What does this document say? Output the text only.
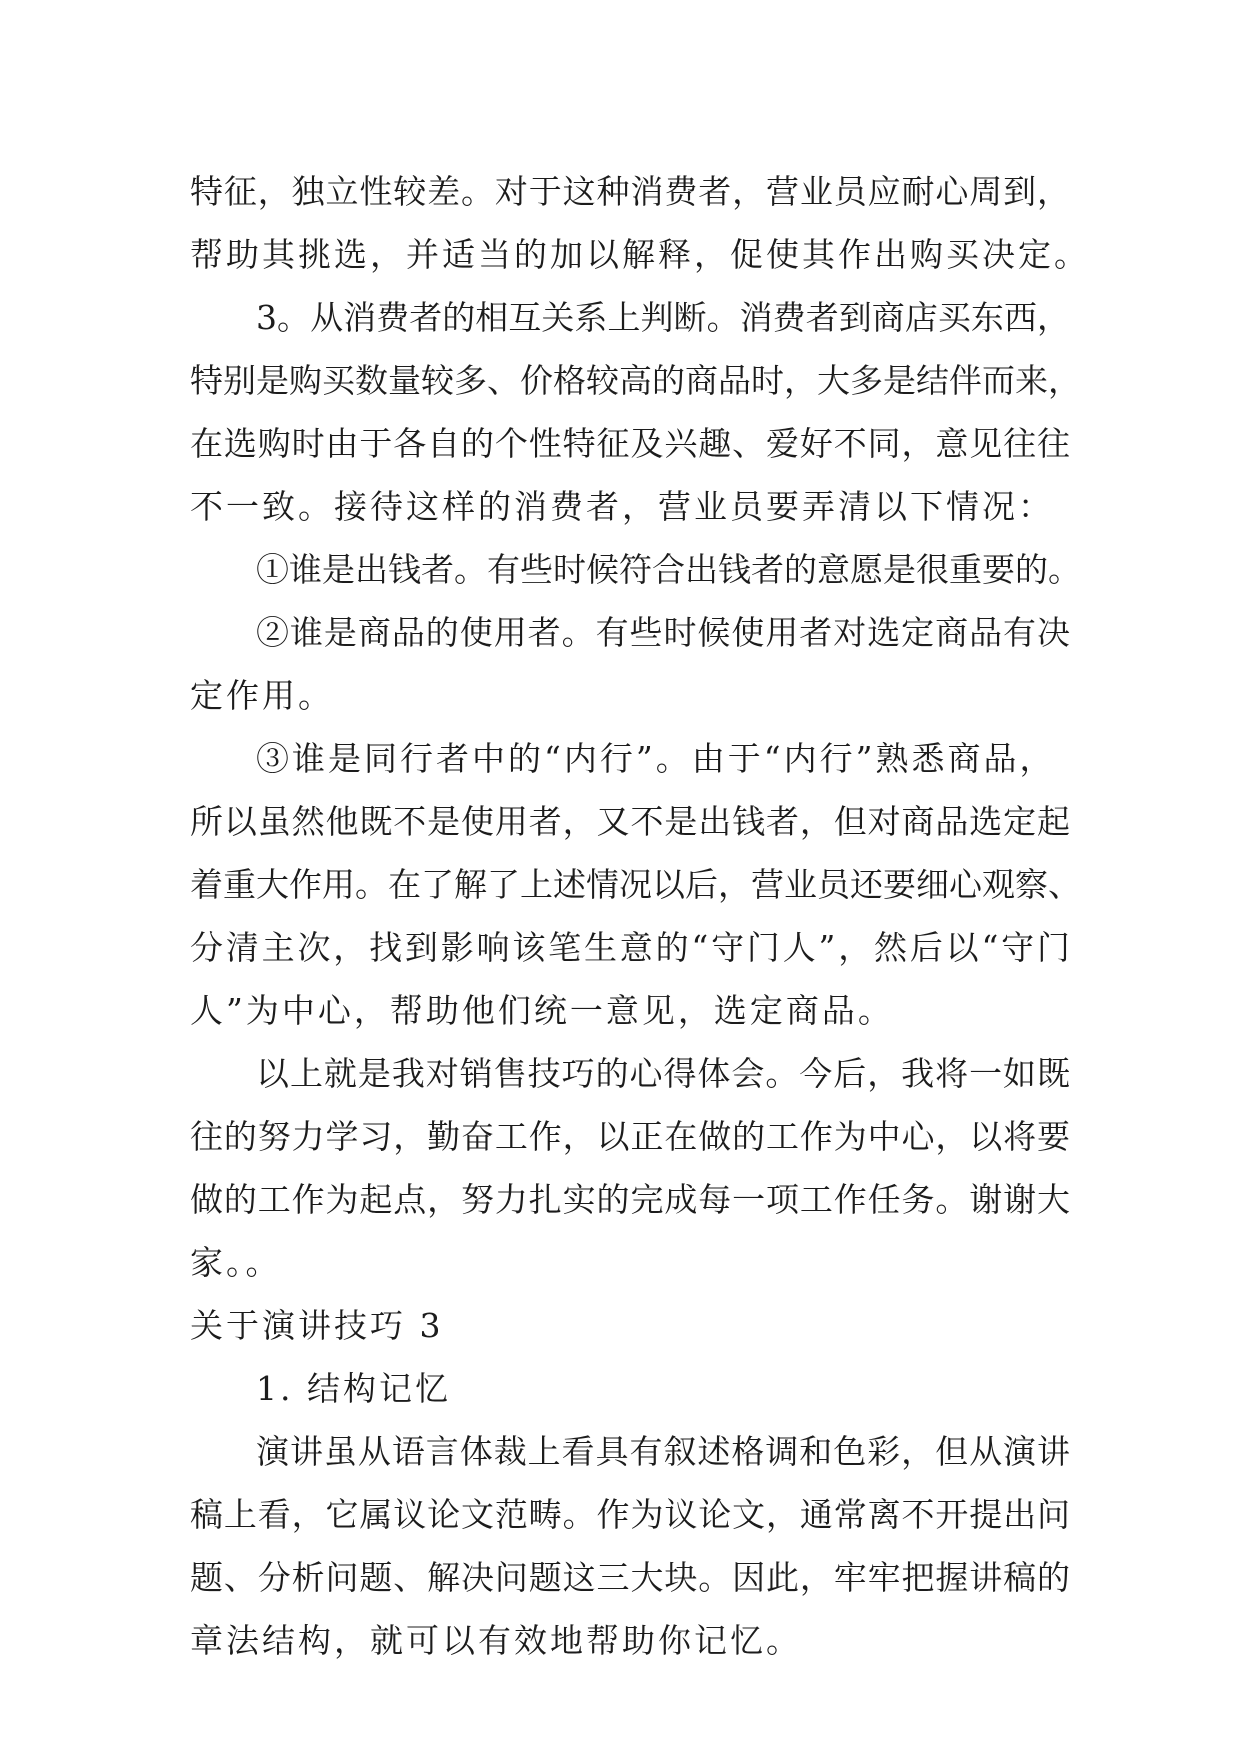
特征，独立性较差。对于这种消费者，营业员应耐心周到，
帮助其挑选，并适当的加以解释，促使其作出购买决定。
3。从消费者的相互关系上判断。消费者到商店买东西，
特别是购买数量较多、价格较高的商品时，大多是结伴而来，
在选购时由于各自的个性特征及兴趣、爱好不同，意见往往
不一致。接待这样的消费者，营业员要弄清以下情况：
①谁是出钱者。有些时候符合出钱者的意愿是很重要的。
②谁是商品的使用者。有些时候使用者对选定商品有决
定作用。
③谁是同行者中的“内行”。由于“内行”熟悉商品，
所以虽然他既不是使用者，又不是出钱者，但对商品选定起
着重大作用。在了解了上述情况以后，营业员还要细心观察、
分清主次，找到影响该笔生意的“守门人”，然后以“守门
人”为中心，帮助他们统一意见，选定商品。
以上就是我对销售技巧的心得体会。今后，我将一如既
往的努力学习，勤奋工作，以正在做的工作为中心，以将要
做的工作为起点，努力扎实的完成每一项工作任务。谢谢大
家。。
关于演讲技巧 3
1. 结构记忆
演讲虽从语言体裁上看具有叙述格调和色彩，但从演讲
稿上看，它属议论文范畴。作为议论文，通常离不开提出问
题、分析问题、解决问题这三大块。因此，牢牢把握讲稿的
章法结构，就可以有效地帮助你记忆。
